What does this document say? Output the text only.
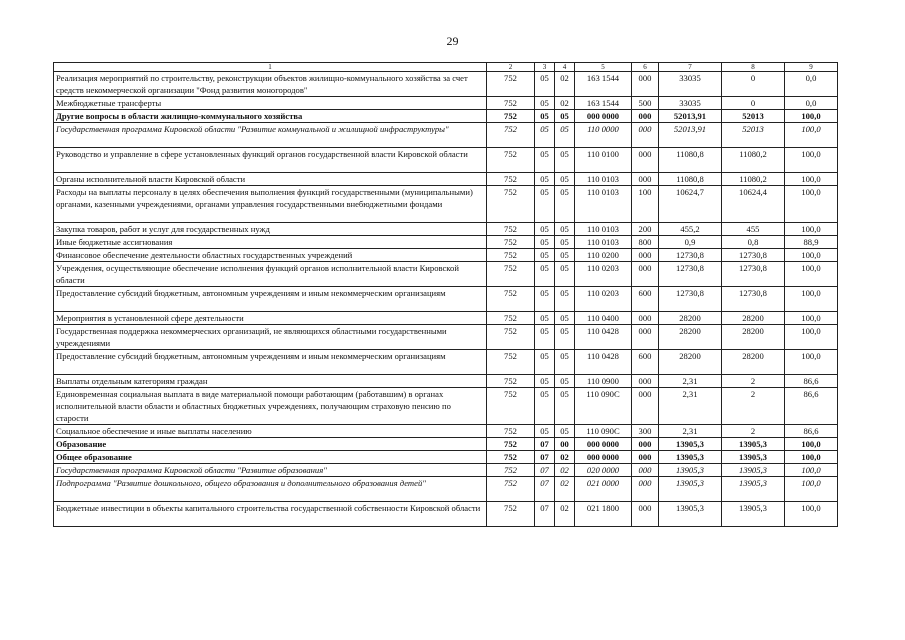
29
1	2	3	4	5	6	7	8	9
Реализация мероприятий по строительству, реконструкции объектов жилищно-коммунального хозяйства за счет средств некоммерческой организации "Фонд развития моногородов"	752	05	02	163 1544	000	33035	0	0,0
Межбюджетные трансферты	752	05	02	163 1544	500	33035	0	0,0
Другие вопросы в области жилищно-коммунального хозяйства	752	05	05	000 0000	000	52013,91	52013	100,0
Государственная программа Кировской области "Развитие коммунальной и жилищной инфраструктуры"	752	05	05	110 0000	000	52013,91	52013	100,0
Руководство и управление в сфере установленных функций органов государственной власти Кировской области	752	05	05	110 0100	000	11080,8	11080,2	100,0
Органы исполнительной власти Кировской области	752	05	05	110 0103	000	11080,8	11080,2	100,0
Расходы на выплаты персоналу в целях обеспечения выполнения функций государственными (муниципальными) органами, казенными учреждениями, органами управления государственными внебюджетными фондами	752	05	05	110 0103	100	10624,7	10624,4	100,0
Закупка товаров, работ и услуг для государственных нужд	752	05	05	110 0103	200	455,2	455	100,0
Иные бюджетные ассигнования	752	05	05	110 0103	800	0,9	0,8	88,9
Финансовое обеспечение деятельности областных государственных учреждений	752	05	05	110 0200	000	12730,8	12730,8	100,0
Учреждения, осуществляющие обеспечение исполнения функций органов исполнительной власти Кировской области	752	05	05	110 0203	000	12730,8	12730,8	100,0
Предоставление субсидий бюджетным, автономным учреждениям и иным некоммерческим организациям	752	05	05	110 0203	600	12730,8	12730,8	100,0
Мероприятия в установленной сфере деятельности	752	05	05	110 0400	000	28200	28200	100,0
Государственная поддержка некоммерческих организаций, не являющихся областными государственными учреждениями	752	05	05	110 0428	000	28200	28200	100,0
Предоставление субсидий бюджетным, автономным учреждениям и иным некоммерческим организациям	752	05	05	110 0428	600	28200	28200	100,0
Выплаты отдельным категориям граждан	752	05	05	110 0900	000	2,31	2	86,6
Единовременная социальная выплата в виде материальной помощи работающим (работавшим) в органах исполнительной власти области и областных бюджетных учреждениях, получающим страховую пенсию по старости	752	05	05	110 090С	000	2,31	2	86,6
Социальное обеспечение и иные выплаты населению	752	05	05	110 090С	300	2,31	2	86,6
Образование	752	07	00	000 0000	000	13905,3	13905,3	100,0
Общее образование	752	07	02	000 0000	000	13905,3	13905,3	100,0
Государственная программа Кировской области "Развитие образования"	752	07	02	020 0000	000	13905,3	13905,3	100,0
Подпрограмма "Развитие дошкольного, общего образования и дополнительного образования детей"	752	07	02	021 0000	000	13905,3	13905,3	100,0
Бюджетные инвестиции в объекты капитального строительства государственной собственности Кировской области	752	07	02	021 1800	000	13905,3	13905,3	100,0
